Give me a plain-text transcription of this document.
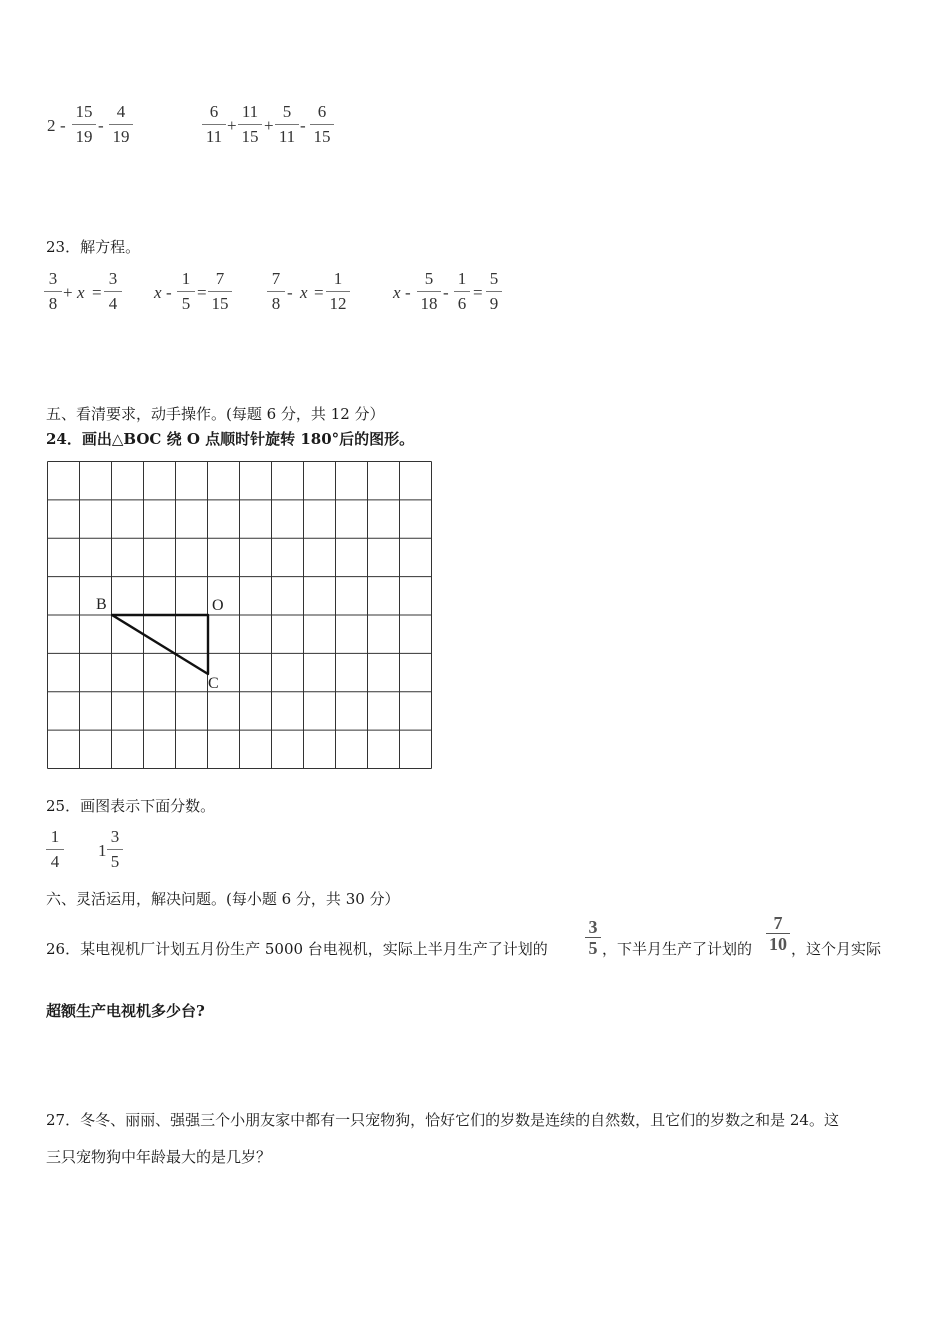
2 -
15
19
-
4
19
6
11
+
11
15
+
5
11
-
6
15
23．解方程。
3
8
+ x =
3
4
x -
1
5
=
7
15
7
8
- x =
1
12
x -
5
18
-
1
6
=
5
9
五、看清要求，动手操作。(每题 6 分，共 12 分）
24．画出△BOC 绕 O 点顺时针旋转 180°后的图形。
B	O
C
25．画图表示下面分数。
1
4
1
3
5
六、灵活运用，解决问题。(每小题 6 分，共 30 分）
26．某电视机厂计划五月份生产 5000 台电视机，实际上半月生产了计划的
3
5 ，下半月生产了计划的
7
10 ，这个月实际
超额生产电视机多少台?
27．冬冬、丽丽、强强三个小朋友家中都有一只宠物狗，恰好它们的岁数是连续的自然数，且它们的岁数之和是 24。这
三只宠物狗中年龄最大的是几岁？
